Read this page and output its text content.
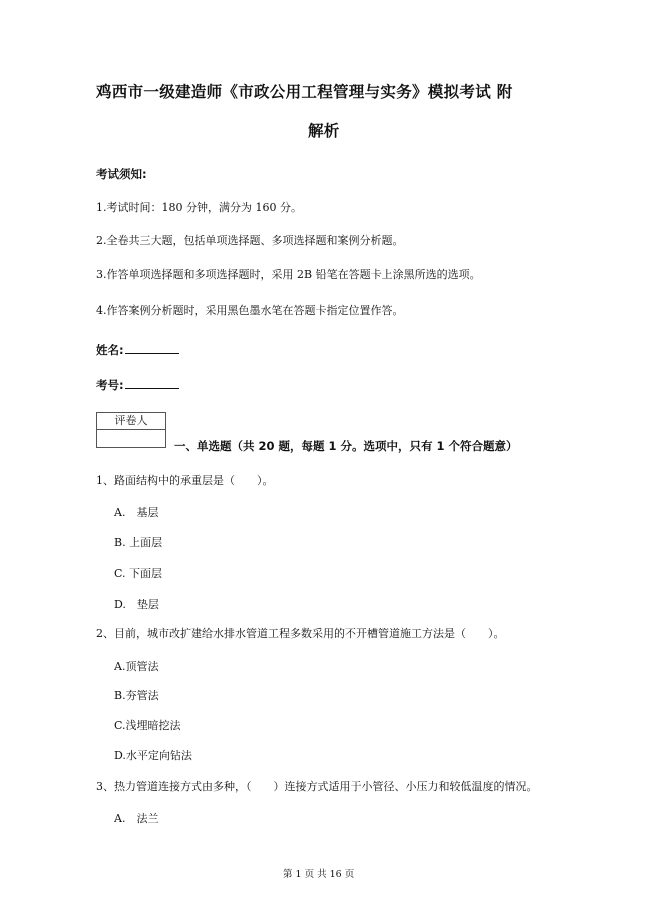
鸡西市一级建造师《市政公用工程管理与实务》模拟考试 附
解析
考试须知:
1.考试时间：180 分钟，满分为 160 分。
2.全卷共三大题，包括单项选择题、多项选择题和案例分析题。
3.作答单项选择题和多项选择题时，采用 2B 铅笔在答题卡上涂黑所选的选项。
4.作答案例分析题时，采用黑色墨水笔在答题卡指定位置作答。
姓名:
考号:
评卷人
一、单选题（共 20 题，每题 1 分。选项中，只有 1 个符合题意）
1、路面结构中的承重层是（　　）。
A.　基层
B. 上面层
C. 下面层
D.　垫层
2、目前，城市改扩建给水排水管道工程多数采用的不开槽管道施工方法是（　　）。
A.顶管法
B.夯管法
C.浅埋暗挖法
D.水平定向钻法
3、热力管道连接方式由多种，（　　）连接方式适用于小管径、小压力和较低温度的情况。
A.　法兰
第 1 页 共 16 页
